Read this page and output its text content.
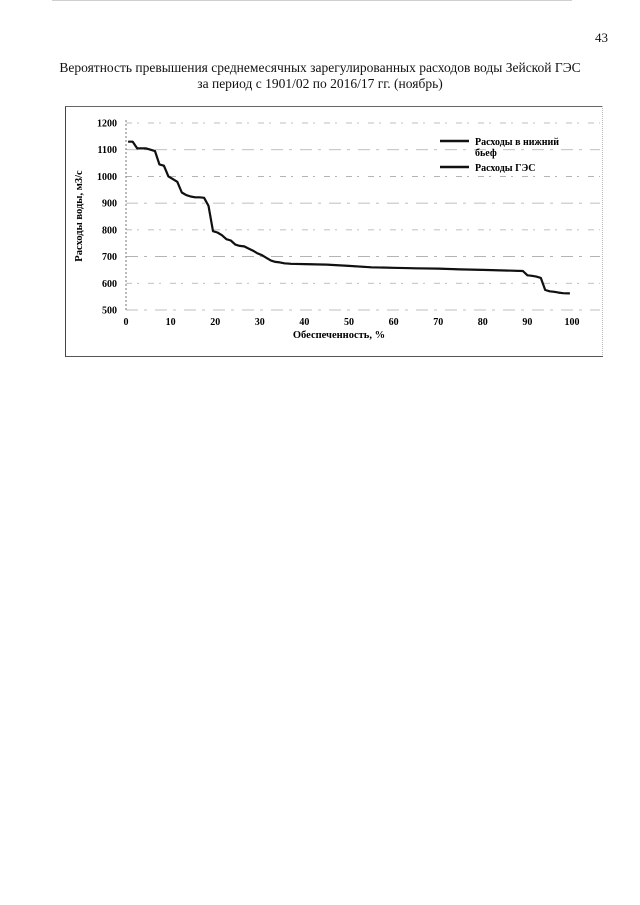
43
Вероятность превышения среднемесячных зарегулированных расходов воды Зейской ГЭС
за период с 1901/02 по 2016/17 гг. (ноябрь)
500
600
700
800
900
1000
1100
1200
0	10	20	30	40	50	60	70	80	90	100
Обеспеченность, %
Расходы воды, м3/с
Расходы в нижний
бьеф
Расходы ГЭС
